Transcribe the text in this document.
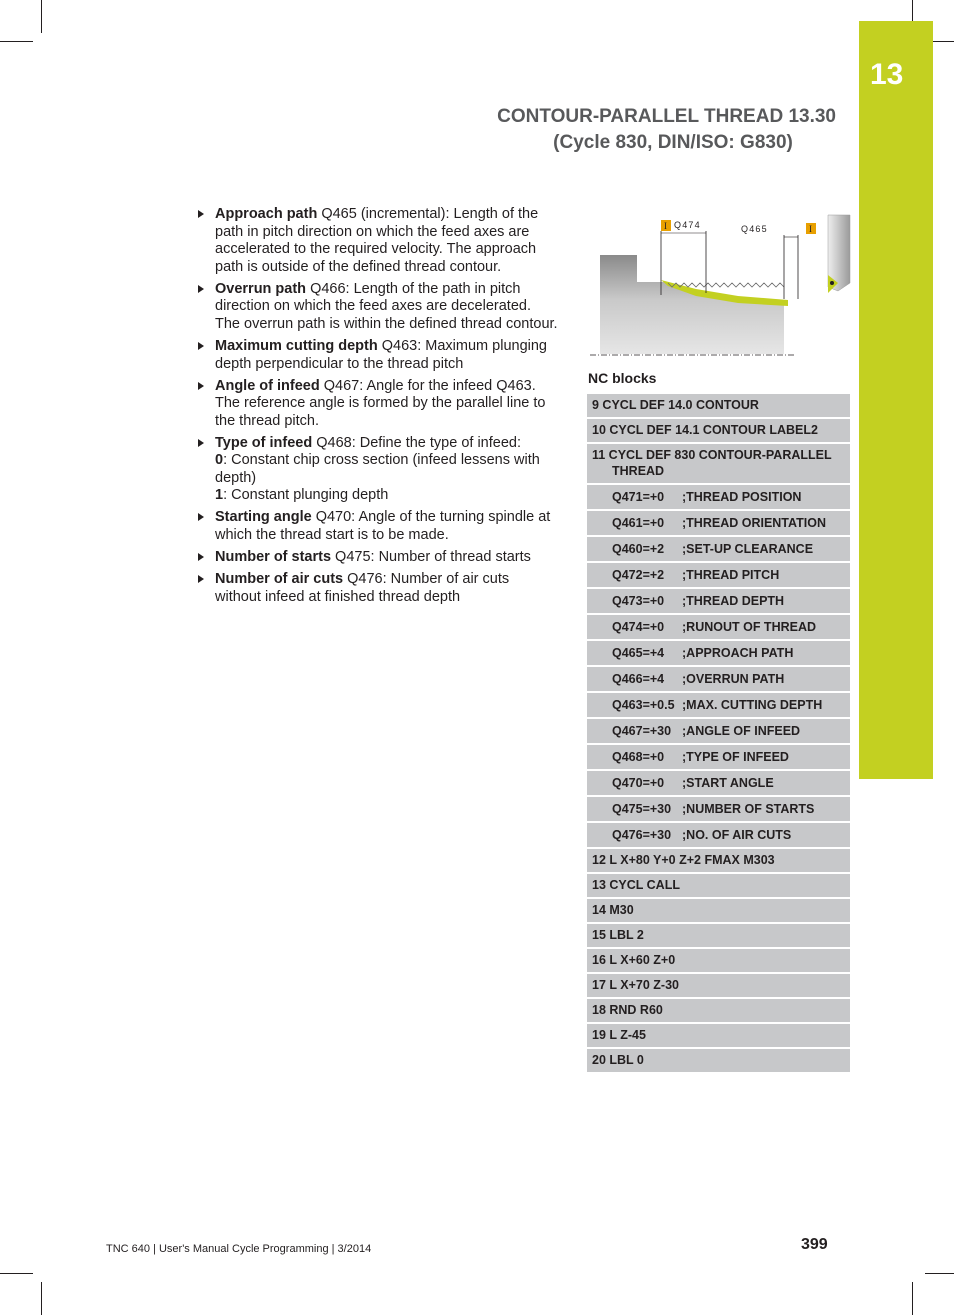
13
CONTOUR-PARALLEL THREAD 13.30

(Cycle 830, DIN/ISO: G830)
Approach path Q465 (incremental): Length of the path in pitch direction on which the feed axes are accelerated to the required velocity. The approach path is outside of the defined thread contour.
Overrun path Q466: Length of the path in pitch direction on which the feed axes are decelerated. The overrun path is within the defined thread contour.
Maximum cutting depth Q463: Maximum plunging depth perpendicular to the thread pitch
Angle of infeed Q467: Angle for the infeed Q463. The reference angle is formed by the parallel line to the thread pitch.
Type of infeed Q468: Define the type of infeed:
0: Constant chip cross section (infeed lessens with depth)
1: Constant plunging depth
Starting angle Q470: Angle of the turning spindle at which the thread start is to be made.
Number of starts Q475: Number of thread starts
Number of air cuts Q476: Number of air cuts without infeed at finished thread depth
I Q474	Q465	I
NC blocks
9 CYCL DEF 14.0 CONTOUR
10 CYCL DEF 14.1 CONTOUR LABEL2
11 CYCL DEF 830 CONTOUR-PARALLEL
THREAD
Q471=+0 ;THREAD POSITION
Q461=+0 ;THREAD ORIENTATION
Q460=+2 ;SET-UP CLEARANCE
Q472=+2 ;THREAD PITCH
Q473=+0 ;THREAD DEPTH
Q474=+0 ;RUNOUT OF THREAD
Q465=+4 ;APPROACH PATH
Q466=+4 ;OVERRUN PATH
Q463=+0.5 ;MAX. CUTTING DEPTH
Q467=+30 ;ANGLE OF INFEED
Q468=+0 ;TYPE OF INFEED
Q470=+0 ;START ANGLE
Q475=+30 ;NUMBER OF STARTS
Q476=+30 ;NO. OF AIR CUTS
12 L X+80 Y+0 Z+2 FMAX M303
13 CYCL CALL
14 M30
15 LBL 2
16 L X+60 Z+0
17 L X+70 Z-30
18 RND R60
19 L Z-45
20 LBL 0
TNC 640 | User's Manual Cycle Programming | 3/2014	399
